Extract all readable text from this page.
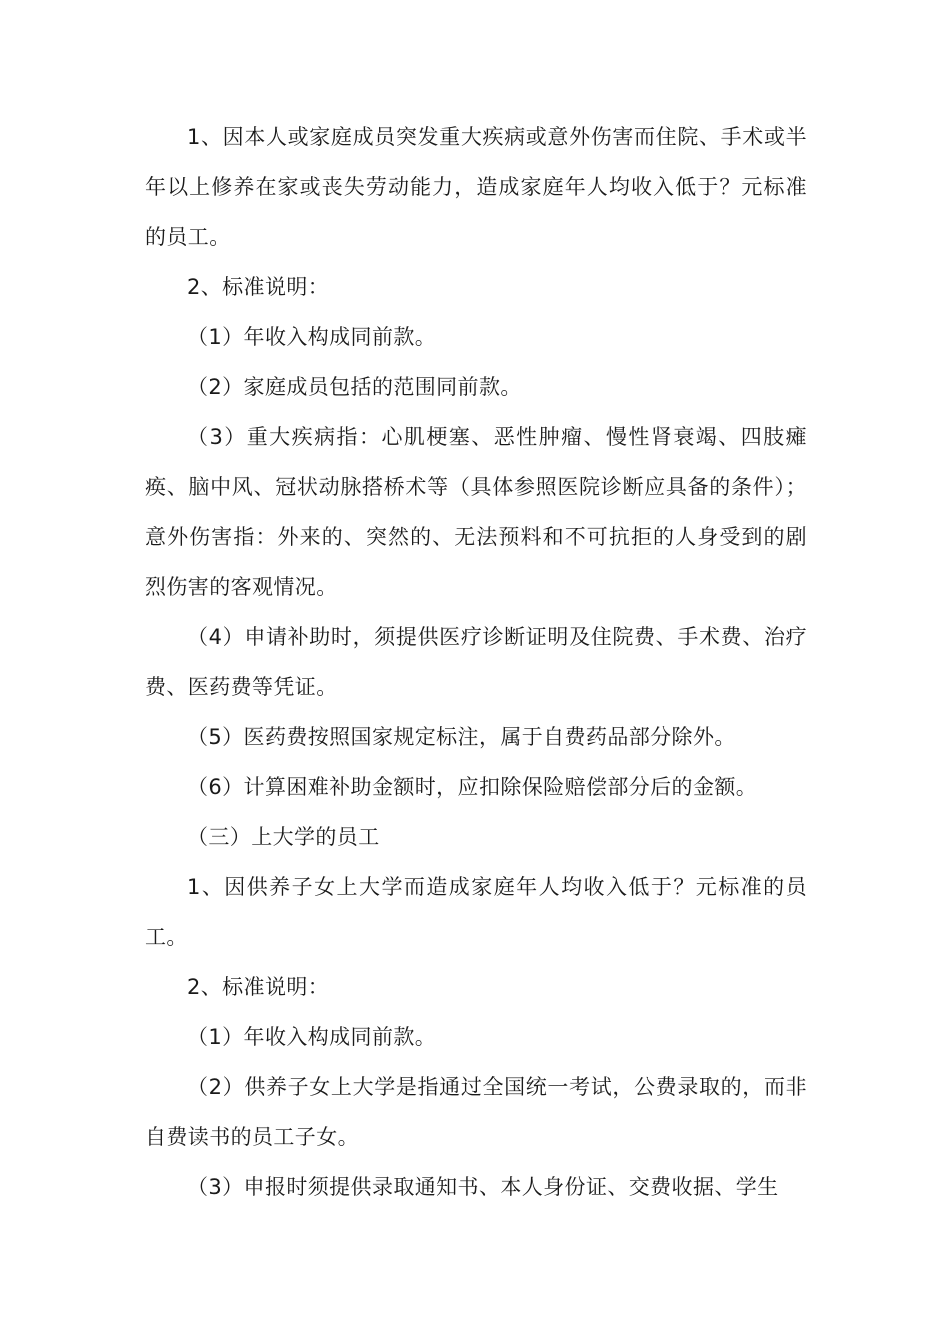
1、因本人或家庭成员突发重大疾病或意外伤害而住院、手术或半年以上修养在家或丧失劳动能力，造成家庭年人均收入低于？元标准的员工。

2、标准说明：

（1）年收入构成同前款。

（2）家庭成员包括的范围同前款。

（3）重大疾病指：心肌梗塞、恶性肿瘤、慢性肾衰竭、四肢瘫痪、脑中风、冠状动脉搭桥术等（具体参照医院诊断应具备的条件）；意外伤害指：外来的、突然的、无法预料和不可抗拒的人身受到的剧烈伤害的客观情况。

（4）申请补助时，须提供医疗诊断证明及住院费、手术费、治疗费、医药费等凭证。

（5）医药费按照国家规定标注，属于自费药品部分除外。

（6）计算困难补助金额时，应扣除保险赔偿部分后的金额。

（三）上大学的员工

1、因供养子女上大学而造成家庭年人均收入低于？元标准的员工。

2、标准说明：

（1）年收入构成同前款。

（2）供养子女上大学是指通过全国统一考试，公费录取的，而非自费读书的员工子女。

（3）申报时须提供录取通知书、本人身份证、交费收据、学生
